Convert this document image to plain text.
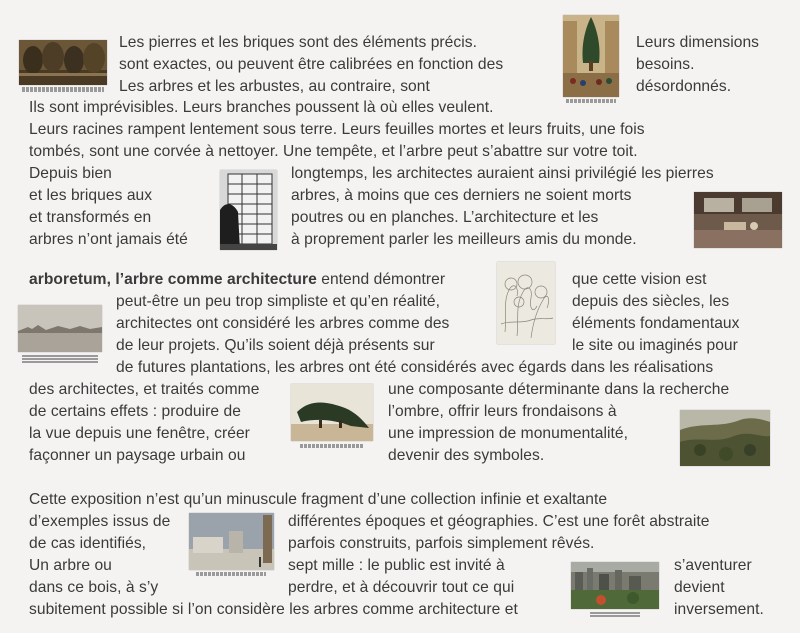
Les pierres et les briques sont des éléments précis.	Leurs dimensions
sont exactes, ou peuvent être calibrées en fonction des	besoins.
Les arbres et les arbustes, au contraire, sont	désordonnés.
Ils sont imprévisibles. Leurs branches poussent là où elles veulent.
Leurs racines rampent lentement sous terre. Leurs feuilles mortes et leurs fruits, une fois
tombés, sont une corvée à nettoyer. Une tempête, et l’arbre peut s’abattre sur votre toit.
Depuis bien	longtemps, les architectes auraient ainsi privilégié les pierres
et les briques aux	arbres, à moins que ces derniers ne soient morts
et transformés en	poutres ou en planches. L’architecture et les
arbres n’ont jamais été	à proprement parler les meilleurs amis du monde.
arboretum, l’arbre comme architecture entend démontrer	que cette vision est
peut-être un peu trop simpliste et qu’en réalité,	depuis des siècles, les
architectes ont considéré les arbres comme des	éléments fondamentaux
de leur projets. Qu’ils soient déjà présents sur	le site ou imaginés pour
de futures plantations, les arbres ont été considérés avec égards dans les réalisations
des architectes, et traités comme	une composante déterminante dans la recherche
de certains effets : produire de	l’ombre, offrir leurs frondaisons à
la vue depuis une fenêtre, créer	une impression de monumentalité,
façonner un paysage urbain ou	devenir des symboles.
Cette exposition n’est qu’un minuscule fragment d’une collection infinie et exaltante
d’exemples issus de	différentes époques et géographies. C’est une forêt abstraite
de cas identifiés,	parfois construits, parfois simplement rêvés.
Un arbre ou	sept mille : le public est invité à	s’aventurer
dans ce bois, à s’y	perdre, et à découvrir tout ce qui	devient
subitement possible si l’on considère les arbres comme architecture et	inversement.
